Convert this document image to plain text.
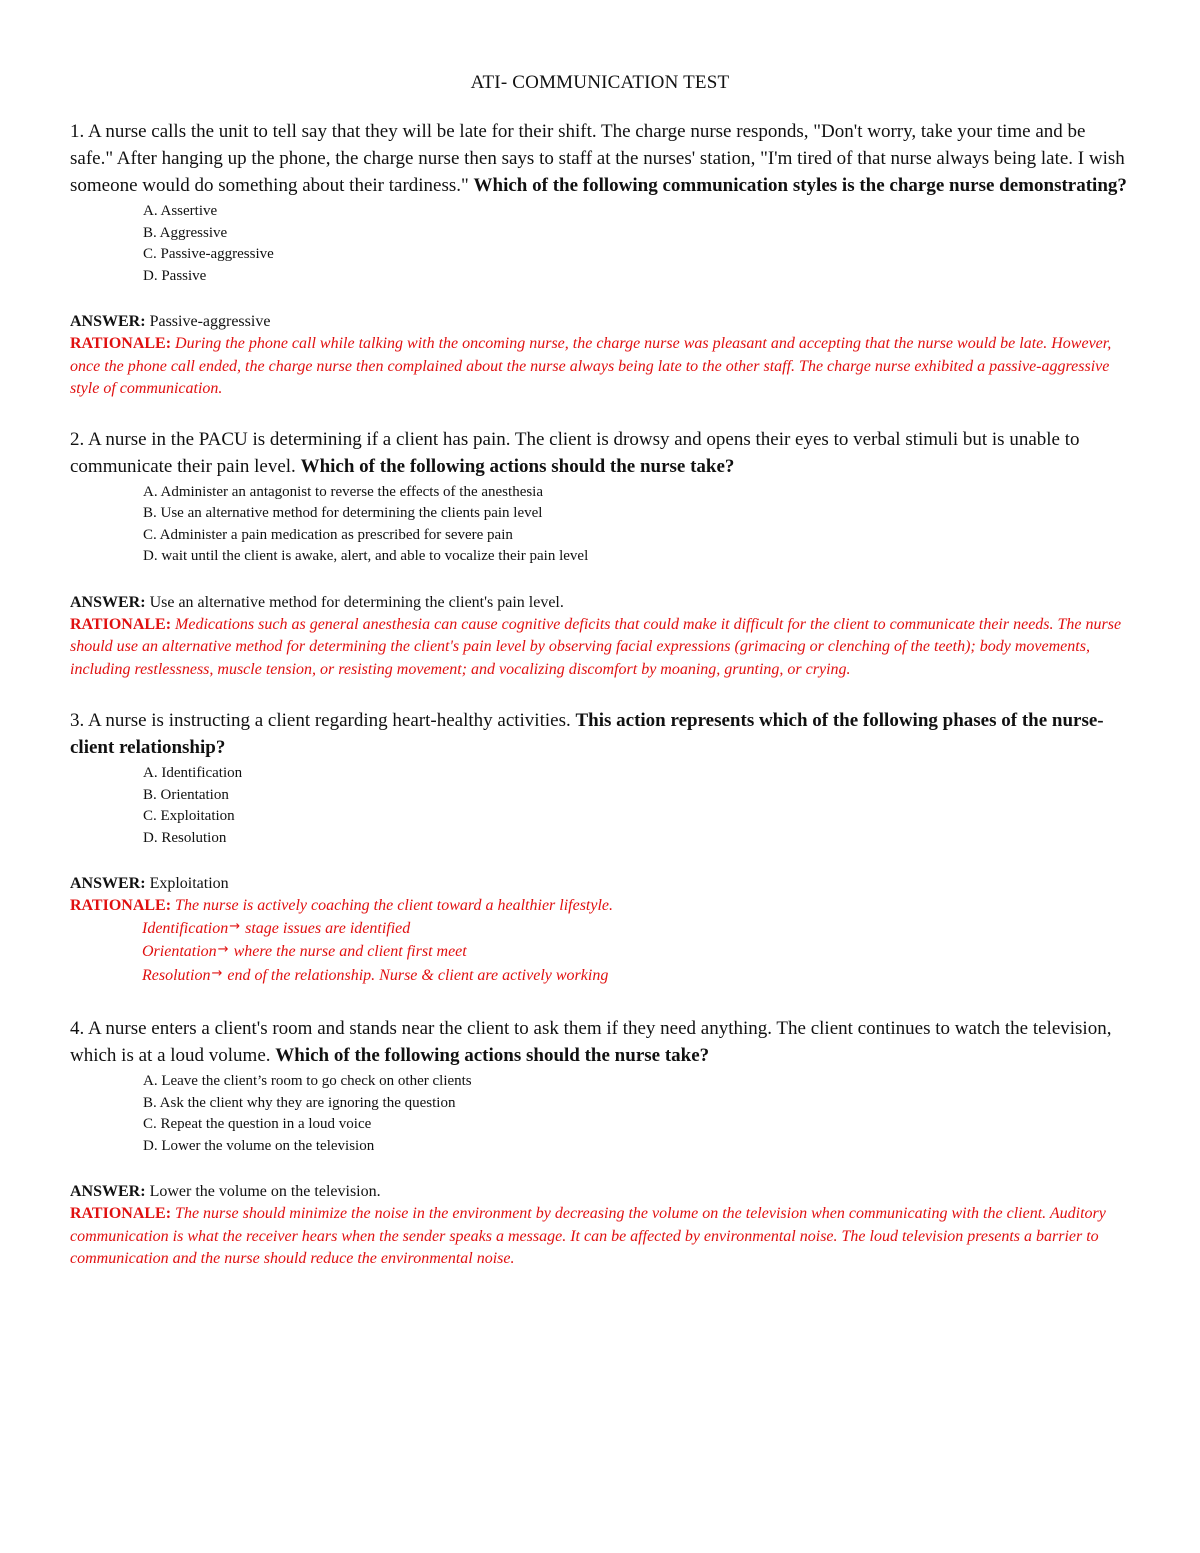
ATI- COMMUNICATION TEST

1. A nurse calls the unit to tell say that they will be late for their shift. The charge nurse responds, "Don't worry, take your time and be safe." After hanging up the phone, the charge nurse then says to staff at the nurses' station, "I'm tired of that nurse always being late. I wish someone would do something about their tardiness." Which of the following communication styles is the charge nurse demonstrating?

A. Assertive
B. Aggressive
C. Passive-aggressive
D. Passive

ANSWER: Passive-aggressive

RATIONALE: During the phone call while talking with the oncoming nurse, the charge nurse was pleasant and accepting that the nurse would be late. However, once the phone call ended, the charge nurse then complained about the nurse always being late to the other staff. The charge nurse exhibited a passive-aggressive style of communication.

2. A nurse in the PACU is determining if a client has pain. The client is drowsy and opens their eyes to verbal stimuli but is unable to communicate their pain level. Which of the following actions should the nurse take?

A. Administer an antagonist to reverse the effects of the anesthesia
B. Use an alternative method for determining the clients pain level
C. Administer a pain medication as prescribed for severe pain
D. wait until the client is awake, alert, and able to vocalize their pain level

ANSWER: Use an alternative method for determining the client's pain level.

RATIONALE: Medications such as general anesthesia can cause cognitive deficits that could make it difficult for the client to communicate their needs. The nurse should use an alternative method for determining the client's pain level by observing facial expressions (grimacing or clenching of the teeth); body movements, including restlessness, muscle tension, or resisting movement; and vocalizing discomfort by moaning, grunting, or crying.

3. A nurse is instructing a client regarding heart-healthy activities. This action represents which of the following phases of the nurse-client relationship?

A. Identification
B. Orientation
C. Exploitation
D. Resolution

ANSWER: Exploitation

RATIONALE: The nurse is actively coaching the client toward a healthier lifestyle.

Identification→ stage issues are identified
Orientation→ where the nurse and client first meet
Resolution→ end of the relationship. Nurse & client are actively working

4. A nurse enters a client's room and stands near the client to ask them if they need anything. The client continues to watch the television, which is at a loud volume. Which of the following actions should the nurse take?

A. Leave the client’s room to go check on other clients
B. Ask the client why they are ignoring the question
C. Repeat the question in a loud voice
D. Lower the volume on the television

ANSWER: Lower the volume on the television.

RATIONALE: The nurse should minimize the noise in the environment by decreasing the volume on the television when communicating with the client. Auditory communication is what the receiver hears when the sender speaks a message. It can be affected by environmental noise. The loud television presents a barrier to communication and the nurse should reduce the environmental noise.
